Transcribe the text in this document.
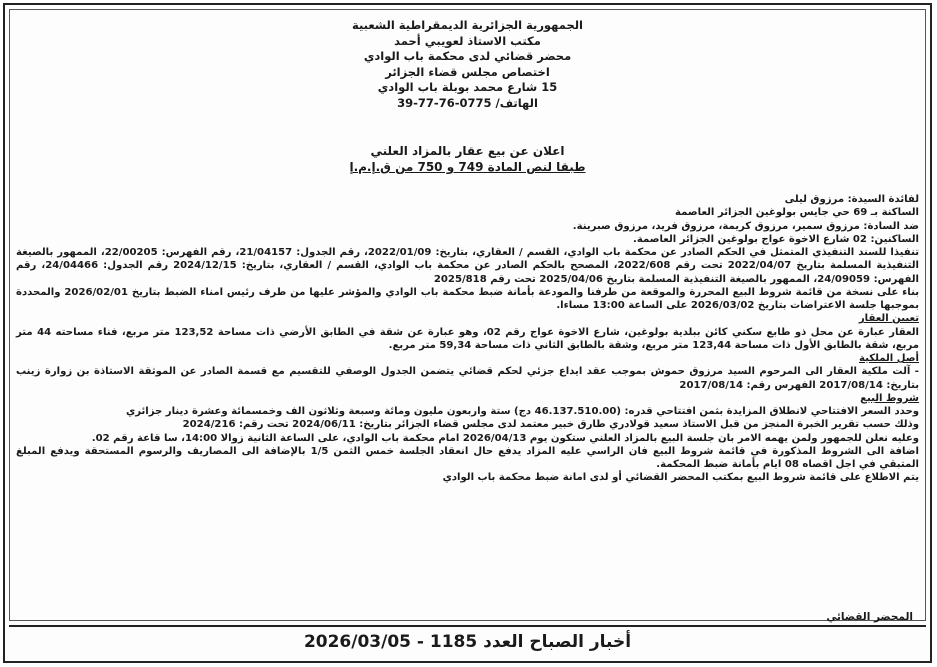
الجمهورية الجزائرية الديمقراطية الشعبية
مكتب الاستاذ لعويبي أحمد
محضر قضائي لدى محكمة باب الوادي
اختصاص مجلس قضاء الجزائر
15 شارع محمد بوبلة باب الوادي
الهاتف/ 0775-76-77-39
اعلان عن بيع عقار بالمزاد العلني
طبقا لنص المادة 749 و 750 من ق.إ.م.إ

لفائدة السيدة: مرزوق ليلى

الساكنة بـ 69 حي جايس بولوغين الجزائر العاصمة

ضد السادة: مرزوق سمير، مرزوق كريمة، مرزوق فريد، مرزوق صبرينة.

الساكنين: 02 شارع الاخوة عواج بولوغين الجزائر العاصمة.

تنفيذا للسند التنفيذي المتمثل في الحكم الصادر عن محكمة باب الوادي، القسم / العقاري، بتاريخ: 2022/01/09، رقم الجدول: 21/04157، رقم الفهرس: 22/00205، الممهور بالصيغة التنفيذية المسلمة بتاريخ 2022/04/07 تحت رقم 2022/608، المصحح بالحكم الصادر عن محكمة باب الوادي، القسم / العقاري، بتاريخ: 2024/12/15 رقم الجدول: 24/04466، رقم الفهرس: 24/09059، الممهور بالصيغة التنفيذية المسلمة بتاريخ 2025/04/06 تحت رقم 2025/818

بناء على نسخة من قائمة شروط البيع المحررة والموقعة من طرفنا والمودعة بأمانة ضبط محكمة باب الوادي والمؤشر عليها من طرف رئيس امناء الضبط بتاريخ 2026/02/01 والمحددة بموجبها جلسة الاعتراضات بتاريخ 2026/03/02 على الساعة 13:00 مساءا.

تعيين العقار

العقار عبارة عن محل ذو طابع سكني كائن ببلدية بولوغين، شارع الاخوة عواج رقم 02، وهو عبارة عن شقة في الطابق الأرضي ذات مساحة 123,52 متر مربع، فناء مساحته 44 متر مربع، شقة بالطابق الأول ذات مساحة 123,44 متر مربع، وشقة بالطابق الثاني ذات مساحة 59,34 متر مربع.

أصل الملكية

- آلت ملكية العقار الى المرحوم السيد مرزوق حموش بموجب عقد ايداع جزئي لحكم قضائي يتضمن الجدول الوصفي للتقسيم مع قسمة الصادر عن الموثقة الاستاذة بن زوارة زينب بتاريخ: 2017/08/14 الفهرس رقم: 2017/08/14

شروط البيع

وحدد السعر الافتتاحي لانطلاق المزايدة بثمن افتتاحي قدره: (46.137.510.00 دج) ستة واربعون مليون ومائة وسبعة وثلاثون الف وخمسمائة وعشرة دينار جزائري

وذلك حسب تقرير الخبرة المنجز من قبل الاستاذ سعيد قولادري طارق خبير معتمد لدى مجلس قضاء الجزائر بتاريخ: 2024/06/11 تحت رقم: 2024/216

وعليه نعلن للجمهور ولمن يهمه الامر بان جلسة البيع بالمزاد العلني ستكون يوم 2026/04/13 امام محكمة باب الوادي، على الساعة الثانية زوالا 14:00، سا قاعة رقم 02.

اضافة الى الشروط المذكورة في قائمة شروط البيع فان الراسي عليه المزاد يدفع حال انعقاد الجلسة خمس الثمن 1/5 بالإضافة الى المصاريف والرسوم المستحقة ويدفع المبلغ المتبقي في اجل اقصاه 08 ايام بأمانة ضبط المحكمة.

يتم الاطلاع على قائمة شروط البيع بمكتب المحضر القضائي أو لدى امانة ضبط محكمة باب الوادي

المحضر القضائي
أخبار الصباح العدد 1185 - 2026/03/05
